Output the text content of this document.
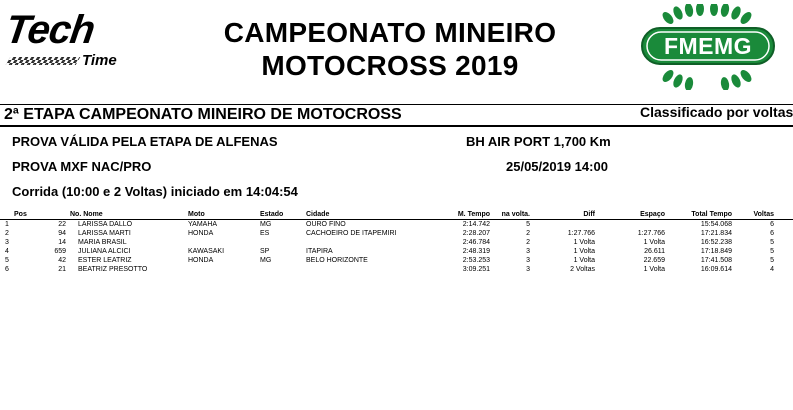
Tech
Time
CAMPEONATO MINEIRO
MOTOCROSS 2019
FMEMG
2ª ETAPA CAMPEONATO MINEIRO DE MOTOCROSS	Classificado por voltas
PROVA VÁLIDA PELA ETAPA DE ALFENAS	BH AIR PORT 1,700 Km
PROVA MXF NAC/PRO	25/05/2019 14:00
Corrida (10:00 e 2 Voltas) iniciado em 14:04:54
	Pos		No. Nome	Moto	Estado	Cidade	M. Tempo	na volta.	Diff	Espaço	Total Tempo	Voltas	
1	22		LARISSA DALLÓ	YAMAHA	MG	OURO FINO	2:14.742	5			15:54.068	6	
2	94		LARISSA MARTI	HONDA	ES	CACHOEIRO DE ITAPEMIRI	2:28.207	2	1:27.766	1:27.766	17:21.834	6	
3	14		MARIA BRASIL				2:46.784	2	1 Volta	1 Volta	16:52.238	5	
4	659		JULIANA ALCICI	KAWASAKI	SP	ITAPIRA	2:48.319	3	1 Volta	26.611	17:18.849	5	
5	42		ESTER LEATRIZ	HONDA	MG	BELO HORIZONTE	2:53.253	3	1 Volta	22.659	17:41.508	5	
6	21		BEATRIZ PRESOTTO				3:09.251	3	2 Voltas	1 Volta	16:09.614	4	
